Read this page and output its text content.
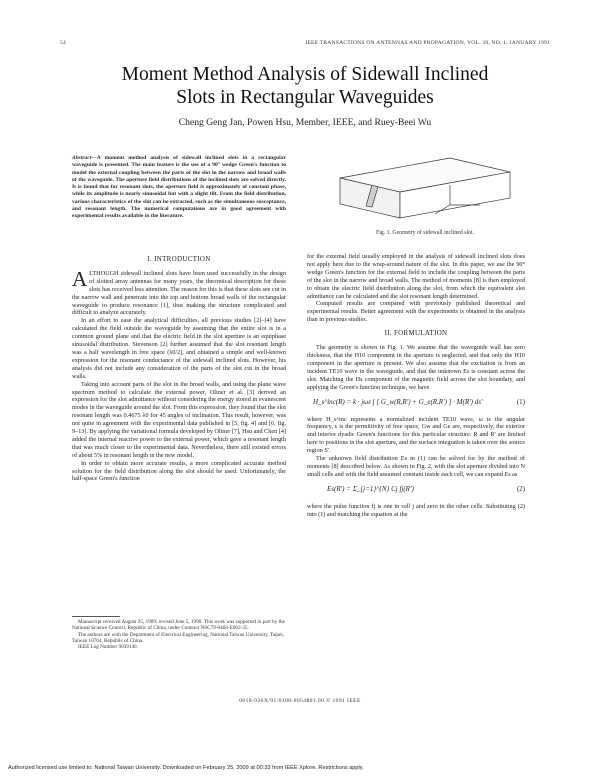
54	IEEE TRANSACTIONS ON ANTENNAS AND PROPAGATION, VOL. 39, NO. 1, JANUARY 1991
Moment Method Analysis of Sidewall Inclined
Slots in Rectangular Waveguides
Cheng Geng Jan, Powen Hsu, Member, IEEE, and Ruey-Beei Wu
Abstract—A moment method analysis of sidewall inclined slots in a rectangular waveguide is presented. The main feature is the use of a 90° wedge Green's function to model the external coupling between the parts of the slot in the narrow and broad walls of the waveguide. The aperture field distributions of the inclined slots are solved directly. It is found that for resonant slots, the aperture field is approximately of constant phase, while its amplitude is nearly sinusoidal but with a slight tilt. From the field distribution, various characteristics of the slot can be extracted, such as the simultaneous susceptance, and resonant length. The numerical computations are in good agreement with experimental results available in the literature.
Fig. 1. Geometry of sidewall inclined slot.
I. INTRODUCTION

ALTHOUGH sidewall inclined slots have been used successfully in the design of slotted array antennas for many years, the theoretical description for these slots has received less attention. The reason for this is that these slots see cut in the narrow wall and penetrate into the top and bottom broad walls of the rectangular waveguide to produce resonance [1], thus making the structure complicated and difficult to analyze accurately.

In an effort to ease the analytical difficulties, all previous studies [2]–[4] have calculated the field outside the waveguide by assuming that the entire slot is in a common ground plane and that the electric field in the slot aperture is an equiphase sinusoidal distribution. Stevenson [2] further assumed that the slot resonant length was a half wavelength in free space (λ0/2), and obtained a simple and well-known expression for the resonant conductance of the sidewall inclined slots. However, his analysis did not include any consideration of the parts of the slot cut in the broad walls.

Taking into account parts of the slot in the broad walls, and using the plane wave spectrum method to calculate the external power, Oliner et al. [3] derived an expression for the slot admittance without considering the energy stored in evanescent modes in the waveguide around the slot. From this expression, they found that the slot resonant length was 0.4675 λ0 for 45 angles of inclination. This result, however, was not quite in agreement with the experimental data published in [5, fig. 4] and [6, fig. 9–13]. By applying the variational formula developed by Oliner [7], Hsu and Chen [4] added the internal reactive power to the external power, which gave a resonant length that was much closer to the experimental data. Nevertheless, there still existed errors of about 5% in resonant length in the new model.

In order to obtain more accurate results, a more complicated accurate method solution for the field distribution along the slot should be used. Unfortunately, the half-space Green's function

Manuscript received August 25, 1989; revised June 5, 1990. This work was supported in part by the National Science Council, Republic of China, under Contract NSC79-0404-E002-35.
The authors are with the Department of Electrical Engineering, National Taiwan University, Taipei, Taiwan 10764, Republic of China.
IEEE Log Number 9039140.

for the external field usually employed in the analysis of sidewall inclined slots does not apply here due to the wrap-around nature of the slot. In this paper, we use the 90° wedge Green's function for the external field to include the coupling between the parts of the slot in the narrow and broad walls. The method of moments [8] is then employed to obtain the electric field distribution along the slot, from which the equivalent slot admittance can be calculated and the slot resonant length determined.

Computed results are compared with previously published theoretical and experimental results. Better agreement with the experiments is obtained in the analysis than in previous studies.

II. FORMULATION

The geometry is shown in Fig. 1. We assume that the waveguide wall has zero thickness, that the H10 component in the aperture is neglected, and that only the H10 component in the aperture is present. We also assume that the excitation is from an incident TE10 wave in the waveguide, and that the unknown Es is constant across the slot. Matching the Hs component of the magnetic field across the slot boundary, and applying the Green's function technique, we have

H_s^inc(R) = k · jωε ∫ [ G_w(R,R′) + G_e(R,R′) ] · M(R′) ds′	(1)

where H_s^inc represents a normalized incident TE10 wave, ω is the angular frequency, ε is the permittivity of free space, Gw and Ge are, respectively, the exterior and interior dyadic Green's functions for this particular structure. R and R′ are limited here to positions in the slot aperture, and the surface integration is taken over the source region S′.

The unknown field distribution Es in (1) can be solved for by the method of moments [8] described below. As shown in Fig. 2, with the slot aperture divided into N small cells and with the field assumed constant inside each cell, we can expand Es as

Es(R′) = Σ_{j=1}^{N} Cj fj(R′)	(2)

where the pulse function fj is one in cell j and zero in the other cells. Substituting (2) into (1) and matching the equation at the

0018-926X/91/0100-0054$01.00 © 1991 IEEE
Authorized licensed use limited to: National Taiwan University. Downloaded on February 25, 2009 at 00:33 from IEEE Xplore. Restrictions apply.
